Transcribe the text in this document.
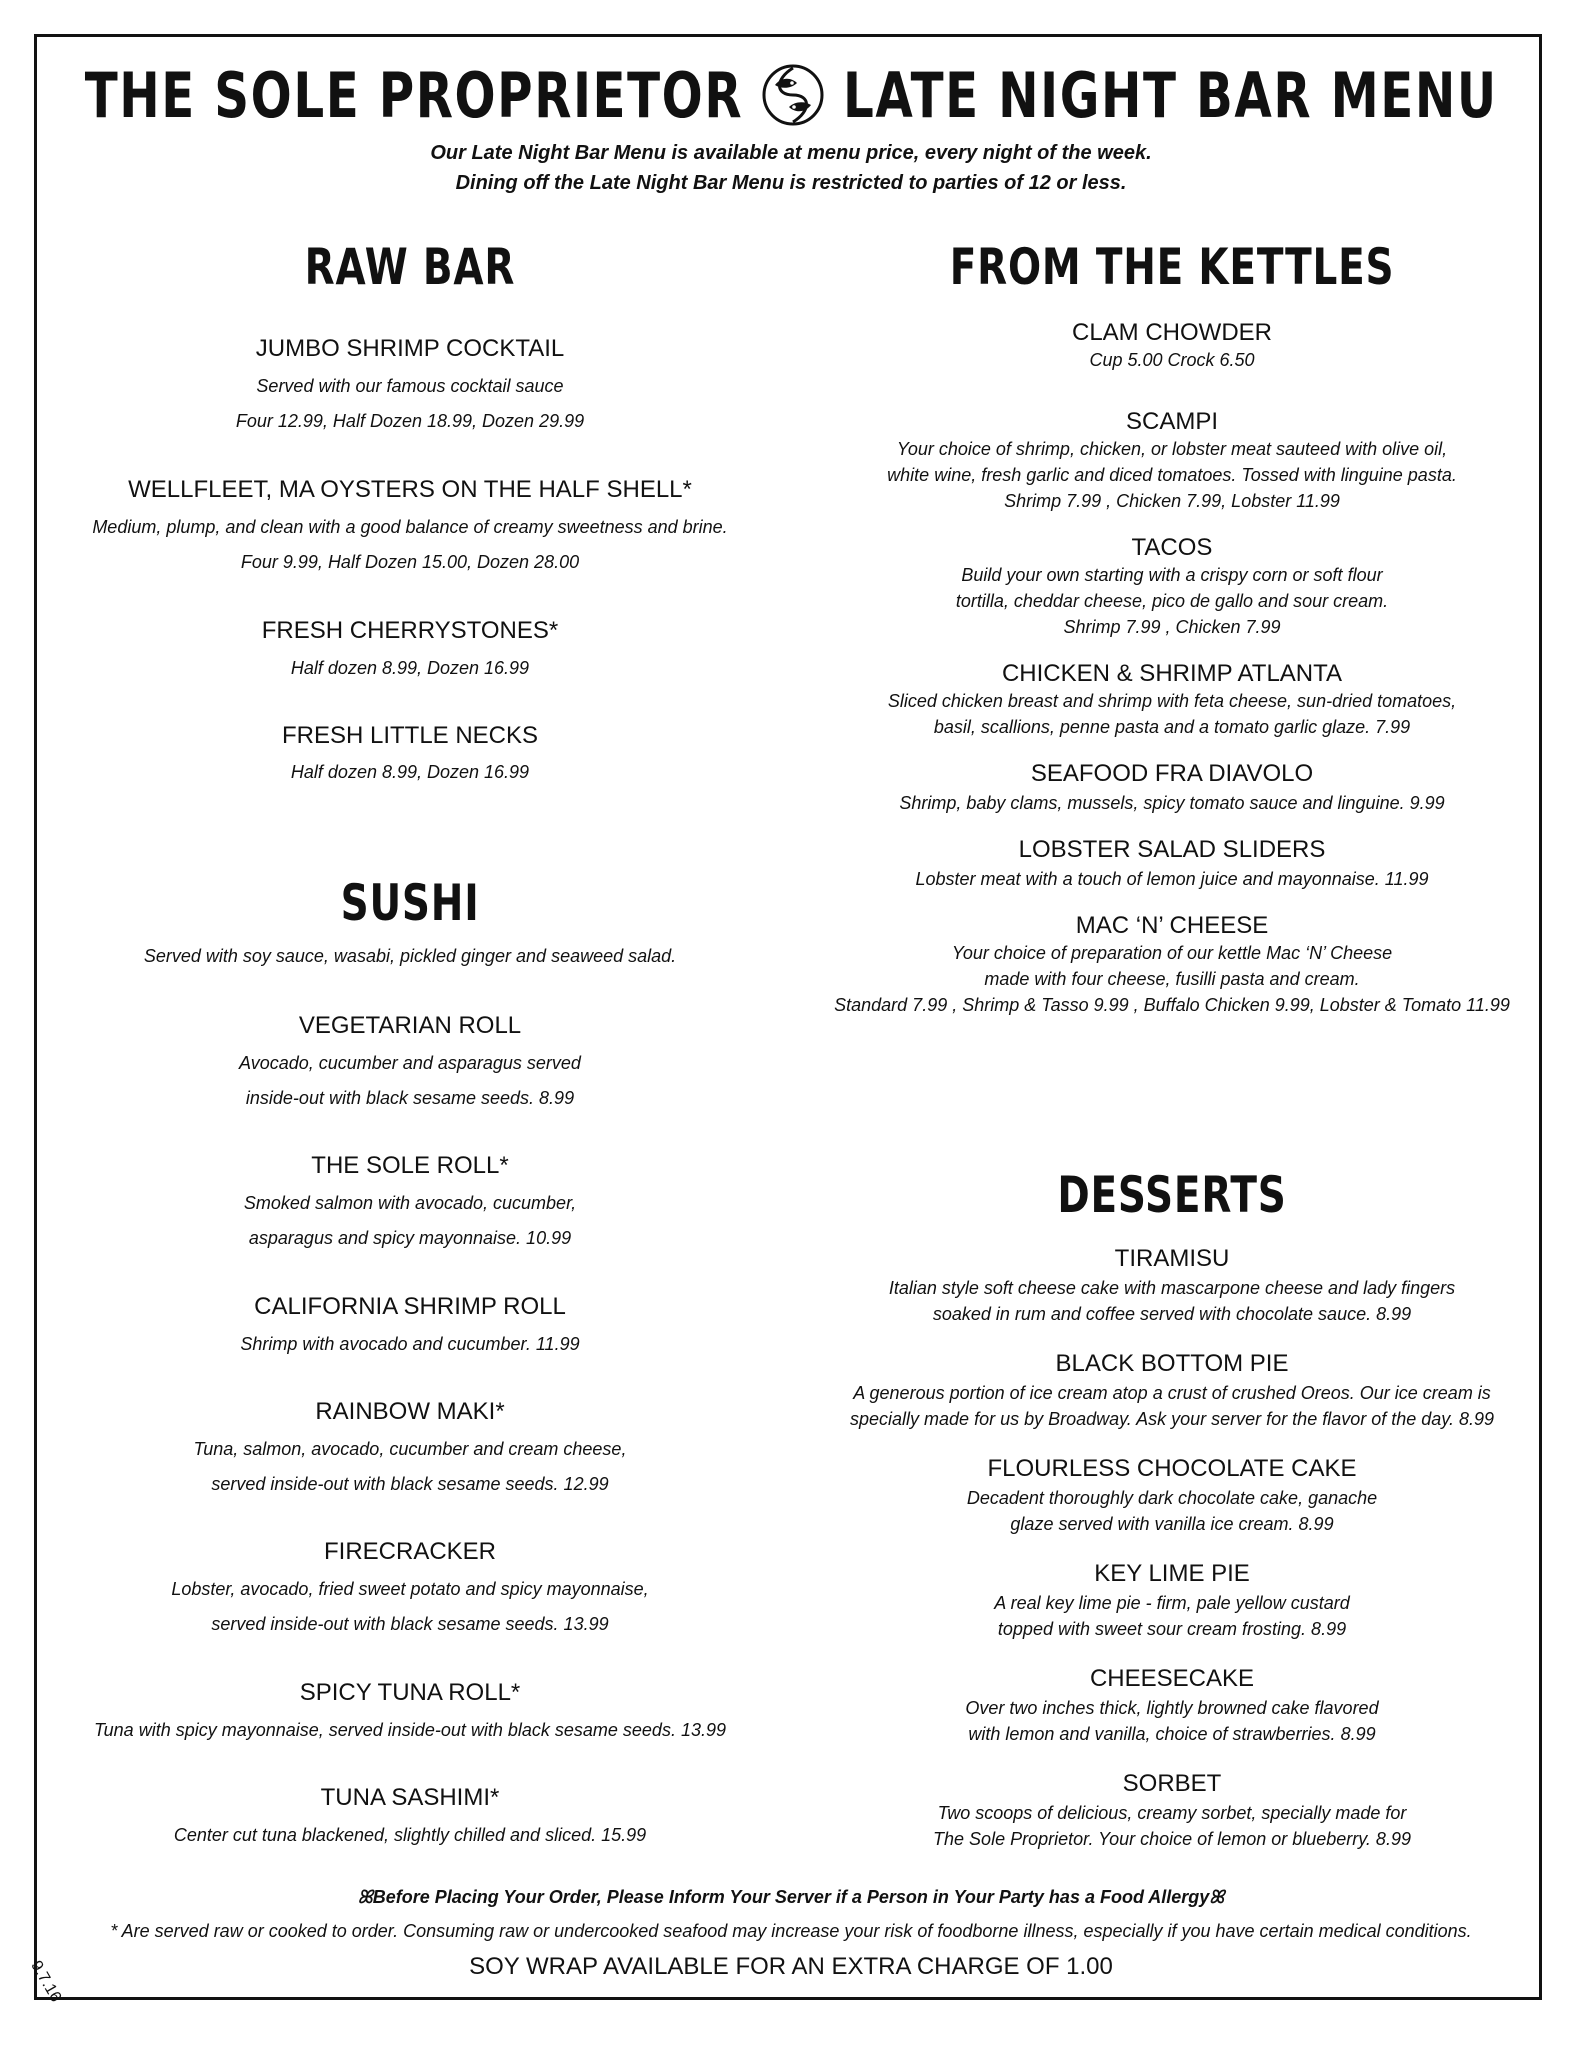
THE SOLE PROPRIETOR LATE NIGHT BAR MENU
Our Late Night Bar Menu is available at menu price, every night of the week.
Dining off the Late Night Bar Menu is restricted to parties of 12 or less.
RAW BAR
JUMBO SHRIMP COCKTAIL
Served with our famous cocktail sauce
Four 12.99, Half Dozen 18.99, Dozen 29.99
WELLFLEET, MA OYSTERS ON THE HALF SHELL*
Medium, plump, and clean with a good balance of creamy sweetness and brine.
Four 9.99, Half Dozen 15.00, Dozen 28.00
FRESH CHERRYSTONES*
Half dozen 8.99, Dozen 16.99
FRESH LITTLE NECKS
Half dozen 8.99, Dozen 16.99
SUSHI
Served with soy sauce, wasabi, pickled ginger and seaweed salad.
VEGETARIAN ROLL
Avocado, cucumber and asparagus served
inside-out with black sesame seeds. 8.99
THE SOLE ROLL*
Smoked salmon with avocado, cucumber,
asparagus and spicy mayonnaise. 10.99
CALIFORNIA SHRIMP ROLL
Shrimp with avocado and cucumber. 11.99
RAINBOW MAKI*
Tuna, salmon, avocado, cucumber and cream cheese,
served inside-out with black sesame seeds. 12.99
FIRECRACKER
Lobster, avocado, fried sweet potato and spicy mayonnaise,
served inside-out with black sesame seeds. 13.99
SPICY TUNA ROLL*
Tuna with spicy mayonnaise, served inside-out with black sesame seeds. 13.99
TUNA SASHIMI*
Center cut tuna blackened, slightly chilled and sliced. 15.99
FROM THE KETTLES
CLAM CHOWDER
Cup 5.00 Crock 6.50
SCAMPI
Your choice of shrimp, chicken, or lobster meat sauteed with olive oil,
white wine, fresh garlic and diced tomatoes. Tossed with linguine pasta.
Shrimp 7.99 , Chicken 7.99, Lobster 11.99
TACOS
Build your own starting with a crispy corn or soft flour
tortilla, cheddar cheese, pico de gallo and sour cream.
Shrimp 7.99 , Chicken 7.99
CHICKEN & SHRIMP ATLANTA
Sliced chicken breast and shrimp with feta cheese, sun-dried tomatoes,
basil, scallions, penne pasta and a tomato garlic glaze. 7.99
SEAFOOD FRA DIAVOLO
Shrimp, baby clams, mussels, spicy tomato sauce and linguine. 9.99
LOBSTER SALAD SLIDERS
Lobster meat with a touch of lemon juice and mayonnaise. 11.99
MAC ‘N’ CHEESE
Your choice of preparation of our kettle Mac ‘N’ Cheese
made with four cheese, fusilli pasta and cream.
Standard 7.99 , Shrimp & Tasso 9.99 , Buffalo Chicken 9.99, Lobster & Tomato 11.99
DESSERTS
TIRAMISU
Italian style soft cheese cake with mascarpone cheese and lady fingers
soaked in rum and coffee served with chocolate sauce. 8.99
BLACK BOTTOM PIE
A generous portion of ice cream atop a crust of crushed Oreos. Our ice cream is
specially made for us by Broadway. Ask your server for the flavor of the day. 8.99
FLOURLESS CHOCOLATE CAKE
Decadent thoroughly dark chocolate cake, ganache
glaze served with vanilla ice cream. 8.99
KEY LIME PIE
A real key lime pie - firm, pale yellow custard
topped with sweet sour cream frosting. 8.99
CHEESECAKE
Over two inches thick, lightly browned cake flavored
with lemon and vanilla, choice of strawberries. 8.99
SORBET
Two scoops of delicious, creamy sorbet, specially made for
The Sole Proprietor. Your choice of lemon or blueberry. 8.99
ꕤBefore Placing Your Order, Please Inform Your Server if a Person in Your Party has a Food Allergyꕤ
* Are served raw or cooked to order. Consuming raw or undercooked seafood may increase your risk of foodborne illness, especially if you have certain medical conditions.
SOY WRAP AVAILABLE FOR AN EXTRA CHARGE OF 1.00
9.7.16
